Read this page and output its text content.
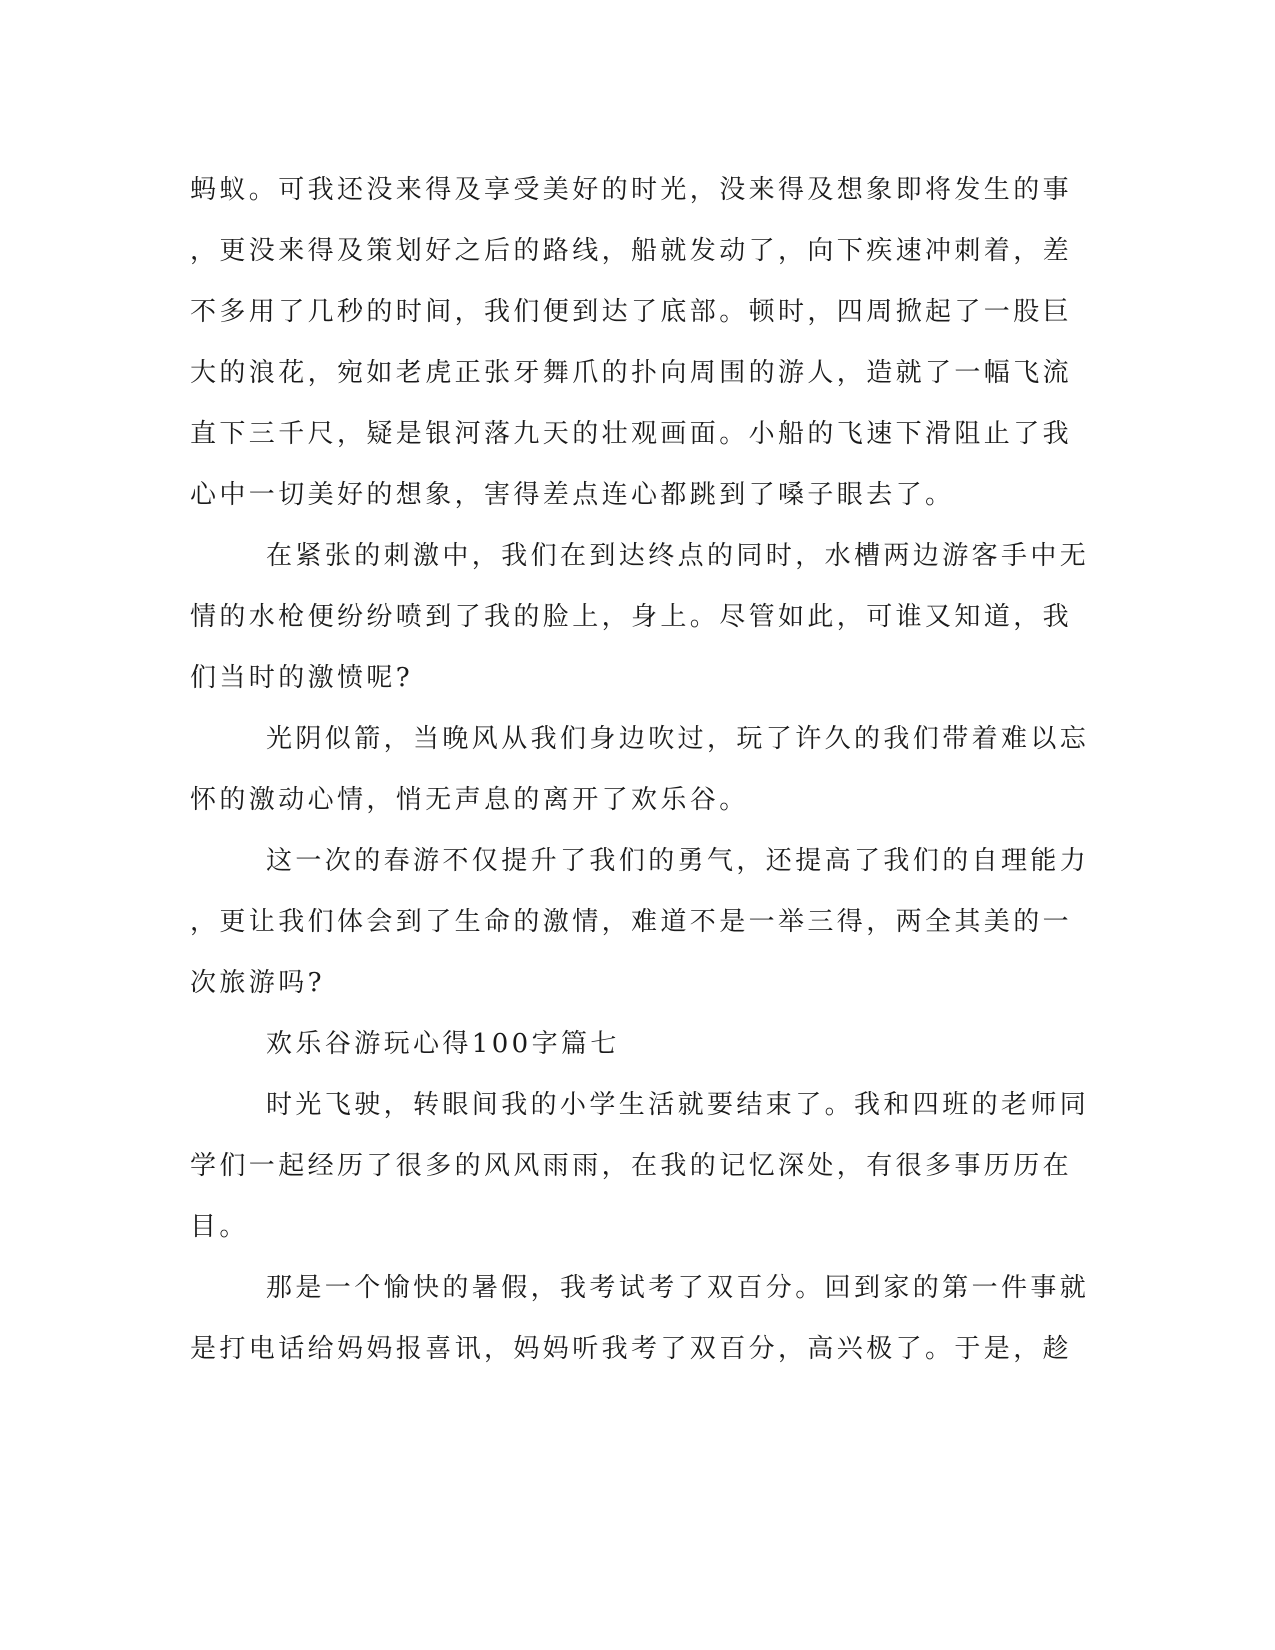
蚂蚁。可我还没来得及享受美好的时光，没来得及想象即将发生的事
，更没来得及策划好之后的路线，船就发动了，向下疾速冲刺着，差
不多用了几秒的时间，我们便到达了底部。顿时，四周掀起了一股巨
大的浪花，宛如老虎正张牙舞爪的扑向周围的游人，造就了一幅飞流
直下三千尺，疑是银河落九天的壮观画面。小船的飞速下滑阻止了我
心中一切美好的想象，害得差点连心都跳到了嗓子眼去了。
在紧张的刺激中，我们在到达终点的同时，水槽两边游客手中无
情的水枪便纷纷喷到了我的脸上，身上。尽管如此，可谁又知道，我
们当时的激愤呢?
光阴似箭，当晚风从我们身边吹过，玩了许久的我们带着难以忘
怀的激动心情，悄无声息的离开了欢乐谷。
这一次的春游不仅提升了我们的勇气，还提高了我们的自理能力
，更让我们体会到了生命的激情，难道不是一举三得，两全其美的一
次旅游吗?
欢乐谷游玩心得100字篇七
时光飞驶，转眼间我的小学生活就要结束了。我和四班的老师同
学们一起经历了很多的风风雨雨，在我的记忆深处，有很多事历历在
目。
那是一个愉快的暑假，我考试考了双百分。回到家的第一件事就
是打电话给妈妈报喜讯，妈妈听我考了双百分，高兴极了。于是，趁
